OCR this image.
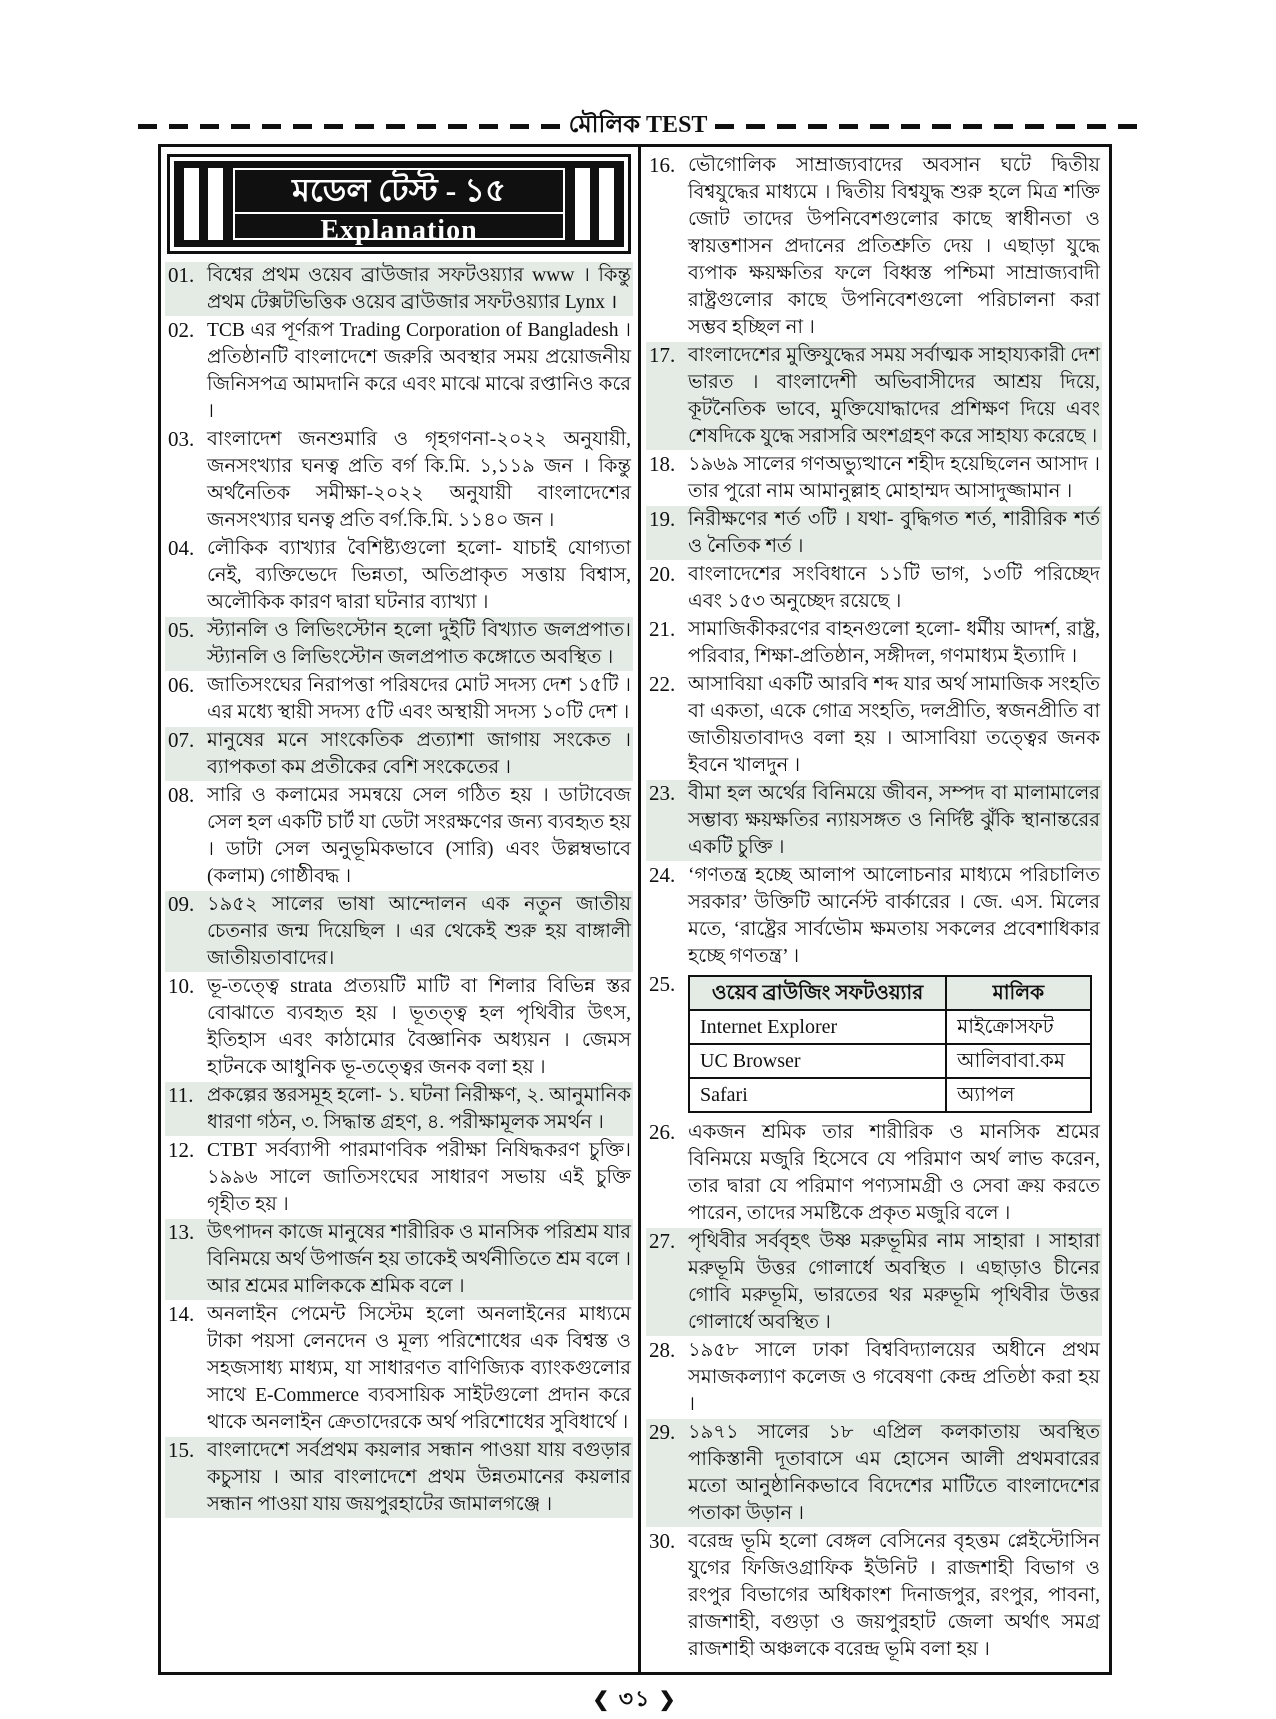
মৌলিক TEST
মডেল টেস্ট - ১৫
Explanation
01. বিশ্বের প্রথম ওয়েব ব্রাউজার সফটওয়্যার www । কিন্তু প্রথম টেক্সটভিত্তিক ওয়েব ব্রাউজার সফটওয়্যার Lynx ।
02. TCB এর পূর্ণরূপ Trading Corporation of Bangladesh । প্রতিষ্ঠানটি বাংলাদেশে জরুরি অবস্থার সময় প্রয়োজনীয় জিনিসপত্র আমদানি করে এবং মাঝে মাঝে রপ্তানিও করে ।
03. বাংলাদেশ জনশুমারি ও গৃহগণনা-২০২২ অনুযায়ী, জনসংখ্যার ঘনত্ব প্রতি বর্গ কি.মি. ১,১১৯ জন । কিন্তু অর্থনৈতিক সমীক্ষা-২০২২ অনুযায়ী বাংলাদেশের জনসংখ্যার ঘনত্ব প্রতি বর্গ.কি.মি. ১১৪০ জন ।
04. লৌকিক ব্যাখ্যার বৈশিষ্ট্যগুলো হলো- যাচাই যোগ্যতা নেই, ব্যক্তিভেদে ভিন্নতা, অতিপ্রাকৃত সত্তায় বিশ্বাস, অলৌকিক কারণ দ্বারা ঘটনার ব্যাখ্যা ।
05. স্ট্যানলি ও লিভিংস্টোন হলো দুইটি বিখ্যাত জলপ্রপাত। স্ট্যানলি ও লিভিংস্টোন জলপ্রপাত কঙ্গোতে অবস্থিত ।
06. জাতিসংঘের নিরাপত্তা পরিষদের মোট সদস্য দেশ ১৫টি । এর মধ্যে স্থায়ী সদস্য ৫টি এবং অস্থায়ী সদস্য ১০টি দেশ ।
07. মানুষের মনে সাংকেতিক প্রত্যাশা জাগায় সংকেত । ব্যাপকতা কম প্রতীকের বেশি সংকেতের ।
08. সারি ও কলামের সমন্বয়ে সেল গঠিত হয় । ডাটাবেজ সেল হল একটি চার্ট যা ডেটা সংরক্ষণের জন্য ব্যবহৃত হয় । ডাটা সেল অনুভূমিকভাবে (সারি) এবং উল্লম্বভাবে (কলাম) গোষ্ঠীবদ্ধ ।
09. ১৯৫২ সালের ভাষা আন্দোলন এক নতুন জাতীয় চেতনার জন্ম দিয়েছিল । এর থেকেই শুরু হয় বাঙ্গালী জাতীয়তাবাদের।
10. ভূ-তত্ত্বে strata প্রত্যয়টি মাটি বা শিলার বিভিন্ন স্তর বোঝাতে ব্যবহৃত হয় । ভূতত্ত্ব হল পৃথিবীর উৎস, ইতিহাস এবং কাঠামোর বৈজ্ঞানিক অধ্যয়ন । জেমস হাটনকে আধুনিক ভূ-তত্ত্বের জনক বলা হয় ।
11. প্রকল্পের স্তরসমূহ হলো- ১. ঘটনা নিরীক্ষণ, ২. আনুমানিক ধারণা গঠন, ৩. সিদ্ধান্ত গ্রহণ, ৪. পরীক্ষামূলক সমর্থন ।
12. CTBT সর্বব্যাপী পারমাণবিক পরীক্ষা নিষিদ্ধকরণ চুক্তি। ১৯৯৬ সালে জাতিসংঘের সাধারণ সভায় এই চুক্তি গৃহীত হয় ।
13. উৎপাদন কাজে মানুষের শারীরিক ও মানসিক পরিশ্রম যার বিনিময়ে অর্থ উপার্জন হয় তাকেই অর্থনীতিতে শ্রম বলে । আর শ্রমের মালিককে শ্রমিক বলে ।
14. অনলাইন পেমেন্ট সিস্টেম হলো অনলাইনের মাধ্যমে টাকা পয়সা লেনদেন ও মূল্য পরিশোধের এক বিশ্বস্ত ও সহজসাধ্য মাধ্যম, যা সাধারণত বাণিজ্যিক ব্যাংকগুলোর সাথে E-Commerce ব্যবসায়িক সাইটগুলো প্রদান করে থাকে অনলাইন ক্রেতাদেরকে অর্থ পরিশোধের সুবিধার্থে ।
15. বাংলাদেশে সর্বপ্রথম কয়লার সন্ধান পাওয়া যায় বগুড়ার কচুসায় । আর বাংলাদেশে প্রথম উন্নতমানের কয়লার সন্ধান পাওয়া যায় জয়পুরহাটের জামালগঞ্জে ।
16. ভৌগোলিক সাম্রাজ্যবাদের অবসান ঘটে দ্বিতীয় বিশ্বযুদ্ধের মাধ্যমে । দ্বিতীয় বিশ্বযুদ্ধ শুরু হলে মিত্র শক্তি জোট তাদের উপনিবেশগুলোর কাছে স্বাধীনতা ও স্বায়ত্তশাসন প্রদানের প্রতিশ্রুতি দেয় । এছাড়া যুদ্ধে ব্যপাক ক্ষয়ক্ষতির ফলে বিধ্বস্ত পশ্চিমা সাম্রাজ্যবাদী রাষ্ট্রগুলোর কাছে উপনিবেশগুলো পরিচালনা করা সম্ভব হচ্ছিল না ।
17. বাংলাদেশের মুক্তিযুদ্ধের সময় সর্বাত্মক সাহায্যকারী দেশ ভারত । বাংলাদেশী অভিবাসীদের আশ্রয় দিয়ে, কূটনৈতিক ভাবে, মুক্তিযোদ্ধাদের প্রশিক্ষণ দিয়ে এবং শেষদিকে যুদ্ধে সরাসরি অংশগ্রহণ করে সাহায্য করেছে ।
18. ১৯৬৯ সালের গণঅভ্যুত্থানে শহীদ হয়েছিলেন আসাদ । তার পুরো নাম আমানুল্লাহ মোহাম্মদ আসাদুজ্জামান ।
19. নিরীক্ষণের শর্ত ৩টি । যথা- বুদ্ধিগত শর্ত, শারীরিক শর্ত ও নৈতিক শর্ত ।
20. বাংলাদেশের সংবিধানে ১১টি ভাগ, ১৩টি পরিচ্ছেদ এবং ১৫৩ অনুচ্ছেদ রয়েছে ।
21. সামাজিকীকরণের বাহনগুলো হলো- ধর্মীয় আদর্শ, রাষ্ট্র, পরিবার, শিক্ষা-প্রতিষ্ঠান, সঙ্গীদল, গণমাধ্যম ইত্যাদি ।
22. আসাবিয়া একটি আরবি শব্দ যার অর্থ সামাজিক সংহতি বা একতা, একে গোত্র সংহতি, দলপ্রীতি, স্বজনপ্রীতি বা জাতীয়তাবাদও বলা হয় । আসাবিয়া তত্ত্বের জনক ইবনে খালদুন ।
23. বীমা হল অর্থের বিনিময়ে জীবন, সম্পদ বা মালামালের সম্ভাব্য ক্ষয়ক্ষতির ন্যায়সঙ্গত ও নির্দিষ্ট ঝুঁকি স্থানান্তরের একটি চুক্তি ।
24. ‘গণতন্ত্র হচ্ছে আলাপ আলোচনার মাধ্যমে পরিচালিত সরকার’ উক্তিটি আর্নেস্ট বার্কারের । জে. এস. মিলের মতে, ‘রাষ্ট্রের সার্বভৌম ক্ষমতায় সকলের প্রবেশাধিকার হচ্ছে গণতন্ত্র’ ।
25.	ওয়েব ব্রাউজিং সফটওয়্যার	মালিক
Internet Explorer	মাইক্রোসফট
UC Browser	আলিবাবা.কম
Safari	অ্যাপল
26. একজন শ্রমিক তার শারীরিক ও মানসিক শ্রমের বিনিময়ে মজুরি হিসেবে যে পরিমাণ অর্থ লাভ করেন, তার দ্বারা যে পরিমাণ পণ্যসামগ্রী ও সেবা ক্রয় করতে পারেন, তাদের সমষ্টিকে প্রকৃত মজুরি বলে ।
27. পৃথিবীর সর্ববৃহৎ উষ্ণ মরুভূমির নাম সাহারা । সাহারা মরুভূমি উত্তর গোলার্ধে অবস্থিত । এছাড়াও চীনের গোবি মরুভূমি, ভারতের থর মরুভূমি পৃথিবীর উত্তর গোলার্ধে অবস্থিত ।
28. ১৯৫৮ সালে ঢাকা বিশ্ববিদ্যালয়ের অধীনে প্রথম সমাজকল্যাণ কলেজ ও গবেষণা কেন্দ্র প্রতিষ্ঠা করা হয় ।
29. ১৯৭১ সালের ১৮ এপ্রিল কলকাতায় অবস্থিত পাকিস্তানী দূতাবাসে এম হোসেন আলী প্রথমবারের মতো আনুষ্ঠানিকভাবে বিদেশের মাটিতে বাংলাদেশের পতাকা উড়ান ।
30. বরেন্দ্র ভূমি হলো বেঙ্গল বেসিনের বৃহত্তম প্লেইস্টোসিন যুগের ফিজিওগ্রাফিক ইউনিট । রাজশাহী বিভাগ ও রংপুর বিভাগের অধিকাংশ দিনাজপুর, রংপুর, পাবনা, রাজশাহী, বগুড়া ও জয়পুরহাট জেলা অর্থাৎ সমগ্র রাজশাহী অঞ্চলকে বরেন্দ্র ভূমি বলা হয় ।
❮ ৩১ ❯
